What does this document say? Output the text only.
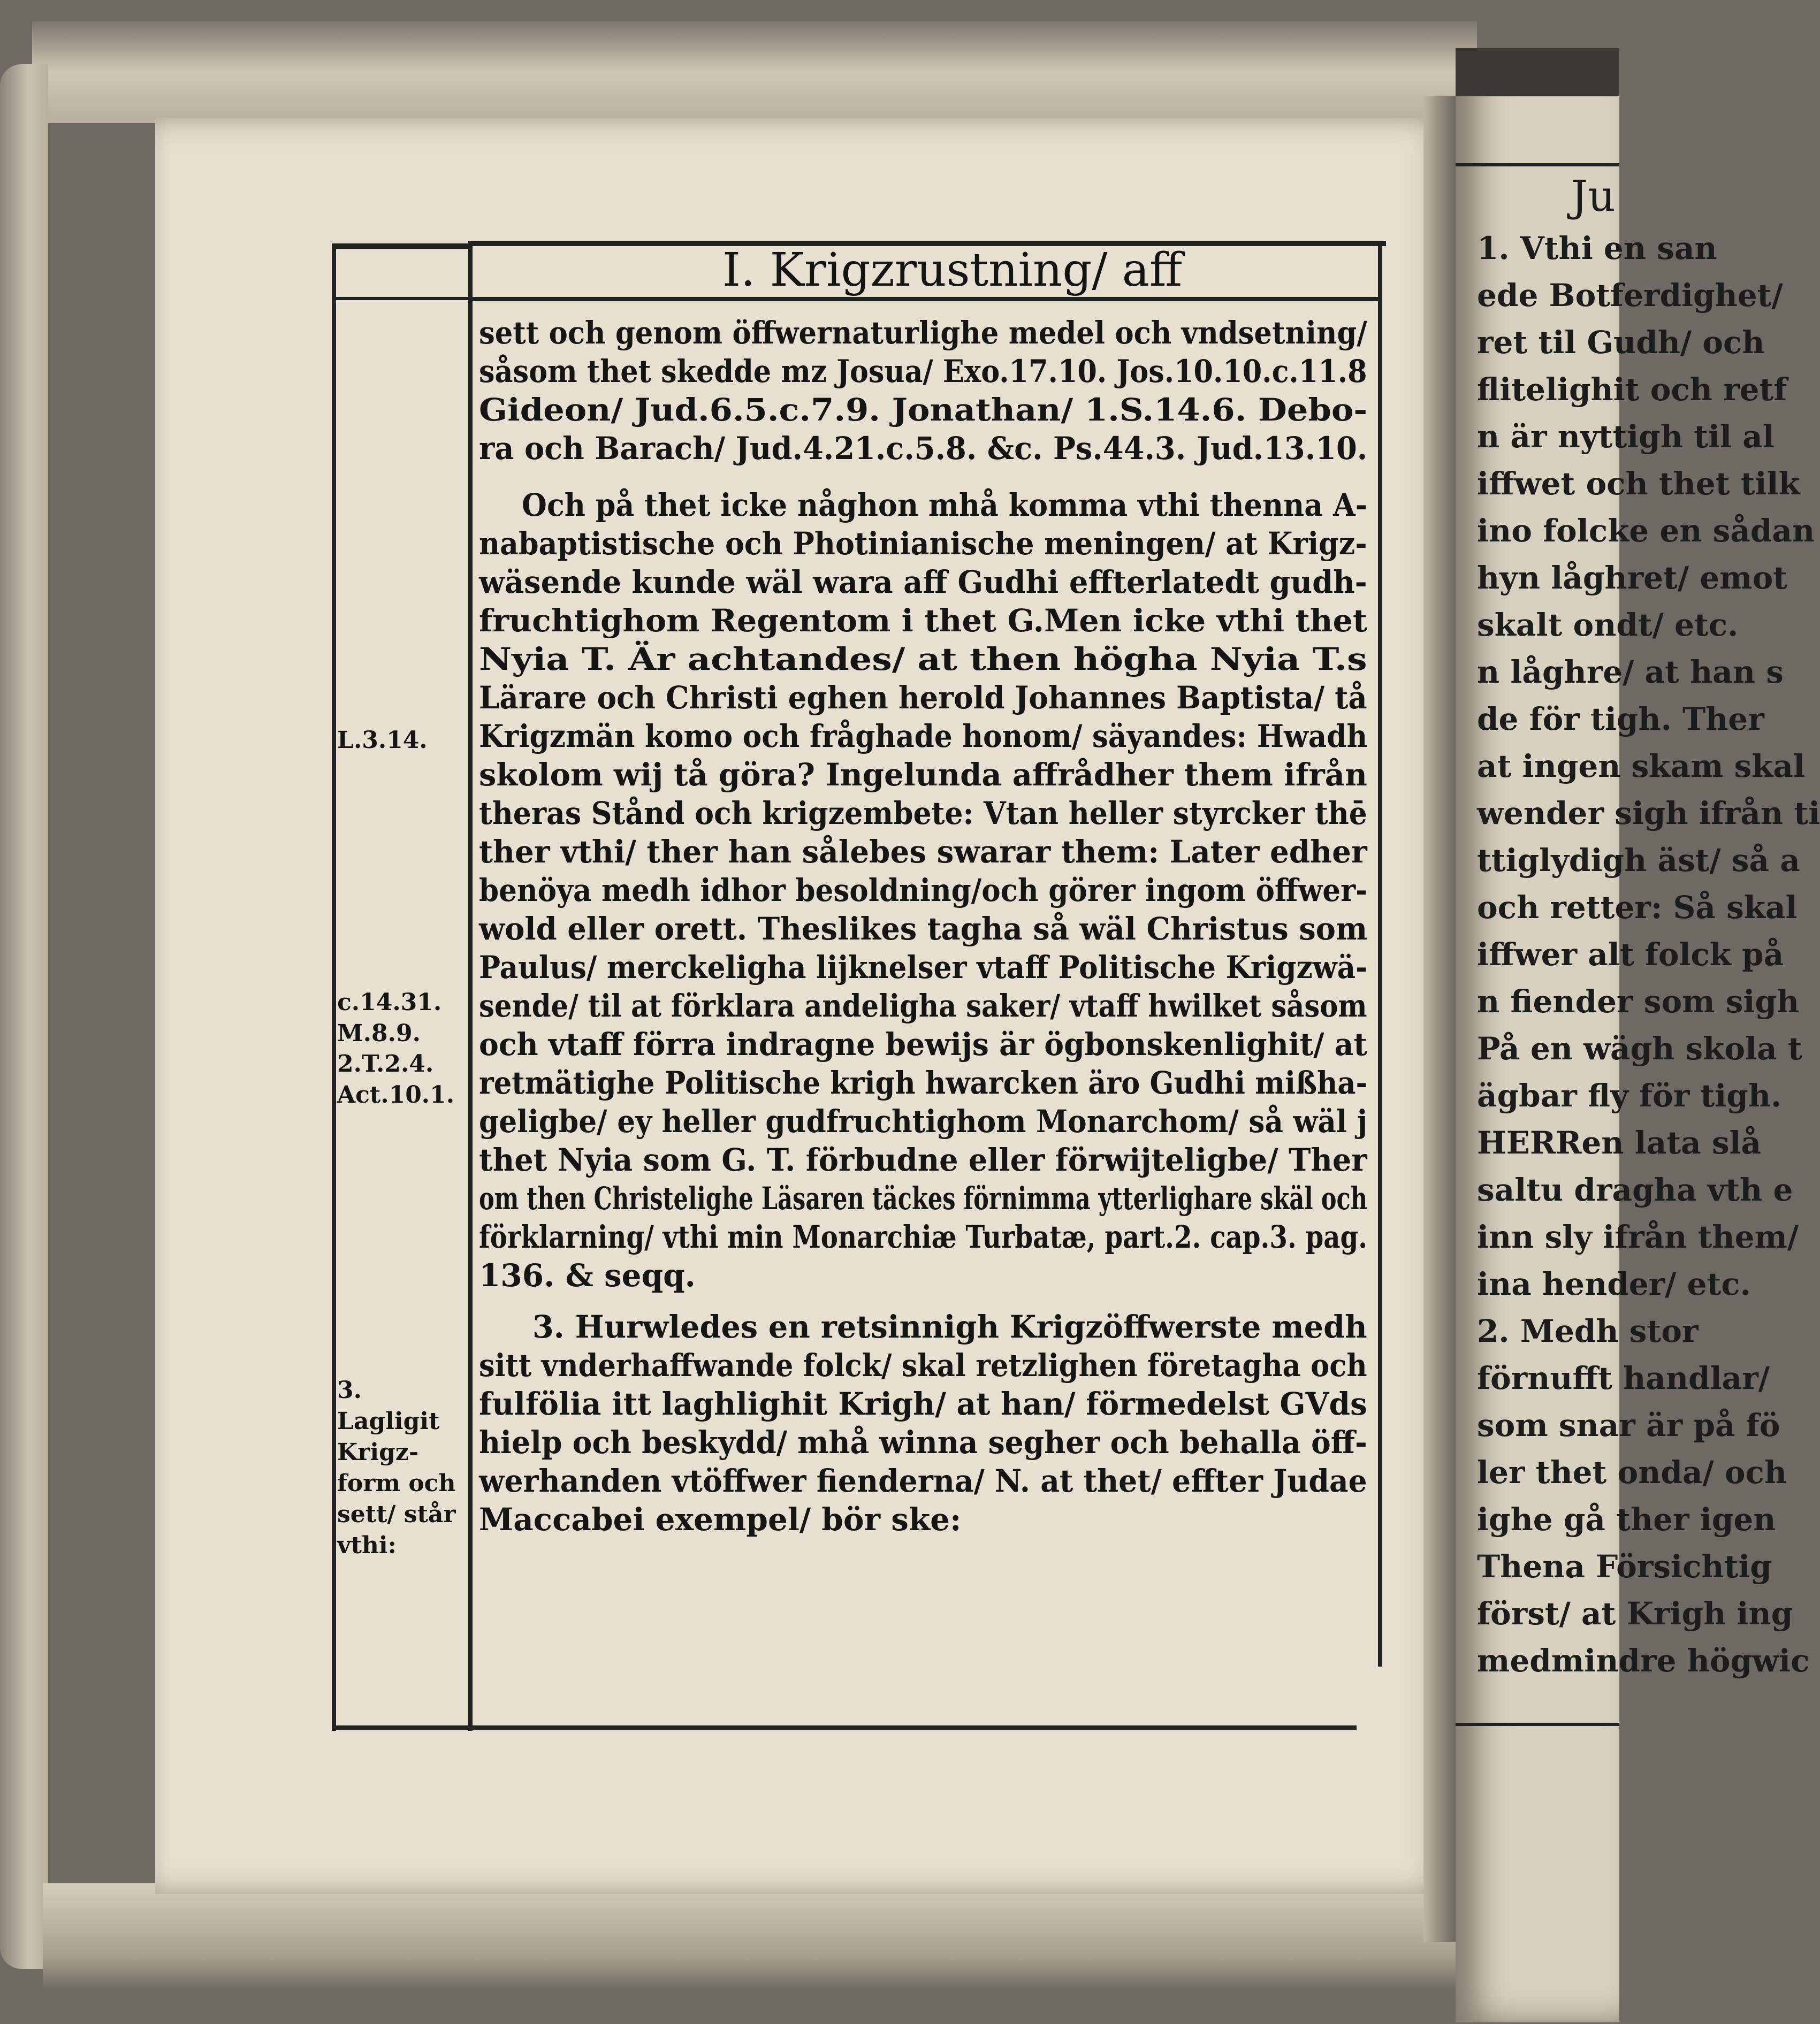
Ju
1. Vthi en san
ede Botferdighet/
ret til Gudh/ och
flitelighit och retf
n är nyttigh til al
iffwet och thet tilk
ino folcke en sådan
hyn låghret/ emot
skalt ondt/ etc.
n låghre/ at han s
de för tigh. Ther
at ingen skam skal
wender sigh ifrån ti
ttiglydigh äst/ så a
och retter: Så skal
iffwer alt folck på
n fiender som sigh
På en wägh skola t
ägbar fly för tigh.
HERRen lata slå
saltu dragha vth e
inn sly ifrån them/
ina hender/ etc.
2. Medh stor
förnufft handlar/
som snar är på fö
ler thet onda/ och
ighe gå ther igen
Thena Försichtig
först/ at Krigh ing
medmindre högwic
I. Krigzrustning/ aff
sett och genom öffwernaturlighe medel och vndsetning/
såsom thet skedde mz Josua/ Exo.17.10. Jos.10.10.c.11.8
Gideon/ Jud.6.5.c.7.9. Jonathan/ 1.S.14.6. Debo-
ra och Barach/ Jud.4.21.c.5.8. &c. Ps.44.3. Jud.13.10.
Och på thet icke någhon mhå komma vthi thenna A-
nabaptistische och Photinianische meningen/ at Krigz-
wäsende kunde wäl wara aff Gudhi effterlatedt gudh-
fruchtighom Regentom i thet G.Men icke vthi thet
Nyia T. Är achtandes/ at then högha Nyia T.s
Lärare och Christi eghen herold Johannes Baptista/ tå
Krigzmän komo och fråghade honom/ säyandes: Hwadh
skolom wij tå göra? Ingelunda affrådher them ifrån
theras Stånd och krigzembete: Vtan heller styrcker thē
ther vthi/ ther han sålebes swarar them: Later edher
benöya medh idhor besoldning/och görer ingom öffwer-
wold eller orett. Theslikes tagha så wäl Christus som
Paulus/ merckeligha lijknelser vtaff Politische Krigzwä-
sende/ til at förklara andeligha saker/ vtaff hwilket såsom
och vtaff förra indragne bewijs är ögbonskenlighit/ at
retmätighe Politische krigh hwarcken äro Gudhi mißha-
geligbe/ ey heller gudfruchtighom Monarchom/ så wäl j
thet Nyia som G. T. förbudne eller förwijteligbe/ Ther
om then Christelighe Läsaren täckes förnimma ytterlighare skäl och
förklarning/ vthi min Monarchiæ Turbatæ, part.2. cap.3. pag.
136. & seqq.
3. Hurwledes en retsinnigh Krigzöffwerste medh
sitt vnderhaffwande folck/ skal retzlighen företagha och
fulfölia itt laghlighit Krigh/ at han/ förmedelst GVds
hielp och beskydd/ mhå winna segher och behalla öff-
werhanden vtöffwer fienderna/ N. at thet/ effter Judae
Maccabei exempel/ bör ske:
L.3.14.
c.14.31.
M.8.9.
2.T.2.4.
Act.10.1.
3.
Lagligit
Krigz-
form och
sett/ står
vthi:
